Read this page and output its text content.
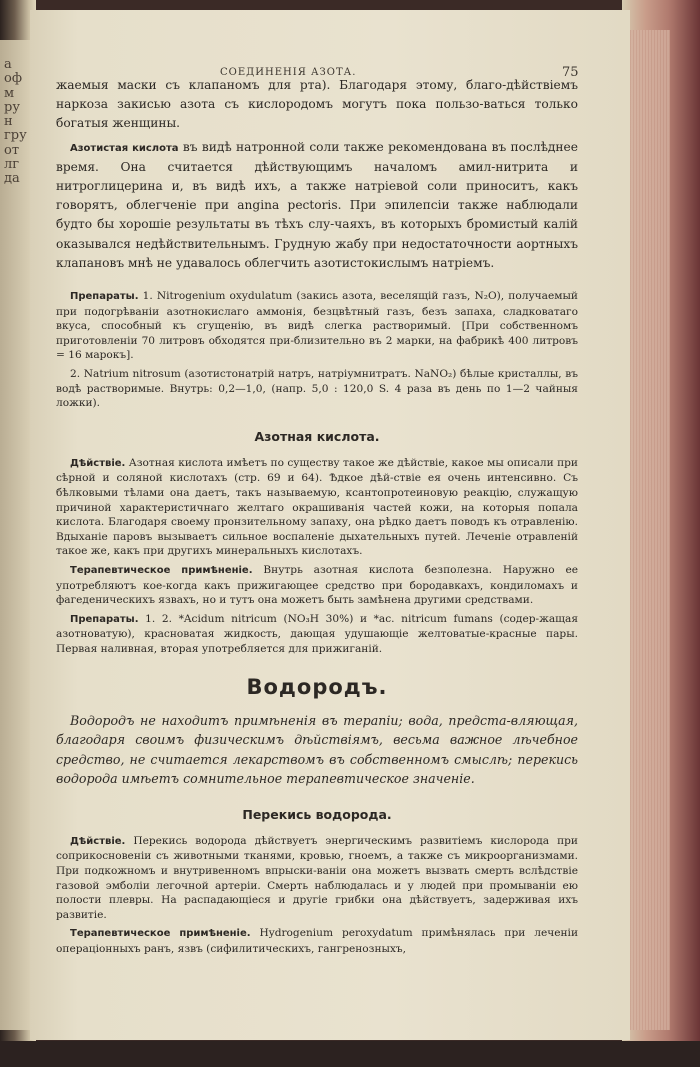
а
оф
м
ру
н
гру
от
лг
да
СОЕДИНЕНІЯ АЗОТА.	75

жаемыя маски съ клапаномъ для рта). Благодаря этому, благо-дѣйствіемъ наркоза закисью азота съ кислородомъ могутъ пока пользо-ваться только богатыя женщины.

Азотистая кислота въ видѣ натронной соли также рекомендована въ послѣднее время. Она считается дѣйствующимъ началомъ амил-нитрита и нитроглицерина и, въ видѣ ихъ, а также натріевой соли приноситъ, какъ говорятъ, облегченіе при angina pectoris. При эпилепсіи также наблюдали будто бы хорошіе результаты въ тѣхъ слу-чаяхъ, въ которыхъ бромистый калій оказывался недѣйствительнымъ. Грудную жабу при недостаточности аортныхъ клапановъ мнѣ не удавалось облегчить азотистокислымъ натріемъ.

Препараты. 1. Nitrogenium oxydulatum (закись азота, веселящій газъ, N₂O), получаемый при подогрѣваніи азотнокислаго аммонія, безцвѣтный газъ, безъ запаха, сладковатаго вкуса, способный къ сгущенію, въ видѣ слегка растворимый. [При собственномъ приготовленіи 70 литровъ обходятся при-близительно въ 2 марки, на фабрикѣ 400 литровъ = 16 марокъ].

2. Natrium nitrosum (азотистонатрій натръ, натріумнитратъ. NaNO₂) бѣлые кристаллы, въ водѣ растворимые. Внутрь: 0,2—1,0, (напр. 5,0 : 120,0 S. 4 раза въ день по 1—2 чайныя ложки).

Азотная кислота.

Дѣйствіе. Азотная кислота имѣетъ по существу такое же дѣйствіе, какое мы описали при сѣрной и соляной кислотахъ (стр. 69 и 64). Ѣдкое дѣй-ствіе ея очень интенсивно. Съ бѣлковыми тѣлами она даетъ, такъ называемую, ксантопротеиновую реакцію, служащую причиной характеристичнаго желтаго окрашиванія частей кожи, на которыя попала кислота. Благодаря своему пронзительному запаху, она рѣдко даетъ поводъ къ отравленію. Вдыханіе паровъ вызываетъ сильное воспаленіе дыхательныхъ путей. Леченіе отравленій такое же, какъ при другихъ минеральныхъ кислотахъ.

Терапевтическое примѣненіе. Внутрь азотная кислота безполезна. Наружно ее употребляютъ кое-когда какъ прижигающее средство при бородавкахъ, кондиломахъ и фагеденическихъ язвахъ, но и тутъ она можетъ быть замѣнена другими средствами.

Препараты. 1. 2. *Acidum nitricum (NO₃H 30%) и *ac. nitricum fumans (содер-жащая азотноватую), красноватая жидкость, дающая удушающіе желтоватые-красные пары. Первая наливная, вторая употребляется для прижиганій.

Водородъ.

Водородъ не находитъ примѣненія въ терапіи; вода, предста-вляющая, благодаря своимъ физическимъ дѣйствіямъ, весьма важное лѣчебное средство, не считается лекарствомъ въ собственномъ смыслѣ; перекись водорода имѣетъ сомнительное терапевтическое значеніе.

Перекись водорода.

Дѣйствіе. Перекись водорода дѣйствуетъ энергическимъ развитіемъ кислорода при соприкосновеніи съ животными тканями, кровью, гноемъ, а также съ микроорганизмами. При подкожномъ и внутривенномъ впрыски-ваніи она можетъ вызвать смерть вслѣдствіе газовой эмболіи легочной артеріи. Смерть наблюдалась и у людей при промываніи ею полости плевры. На распадающіеся и другіе грибки она дѣйствуетъ, задерживая ихъ развитіе.

Терапевтическое примѣненіе. Hydrogenium peroxydatum примѣнялась при леченіи операціонныхъ ранъ, язвъ (сифилитическихъ, гангренозныхъ,
